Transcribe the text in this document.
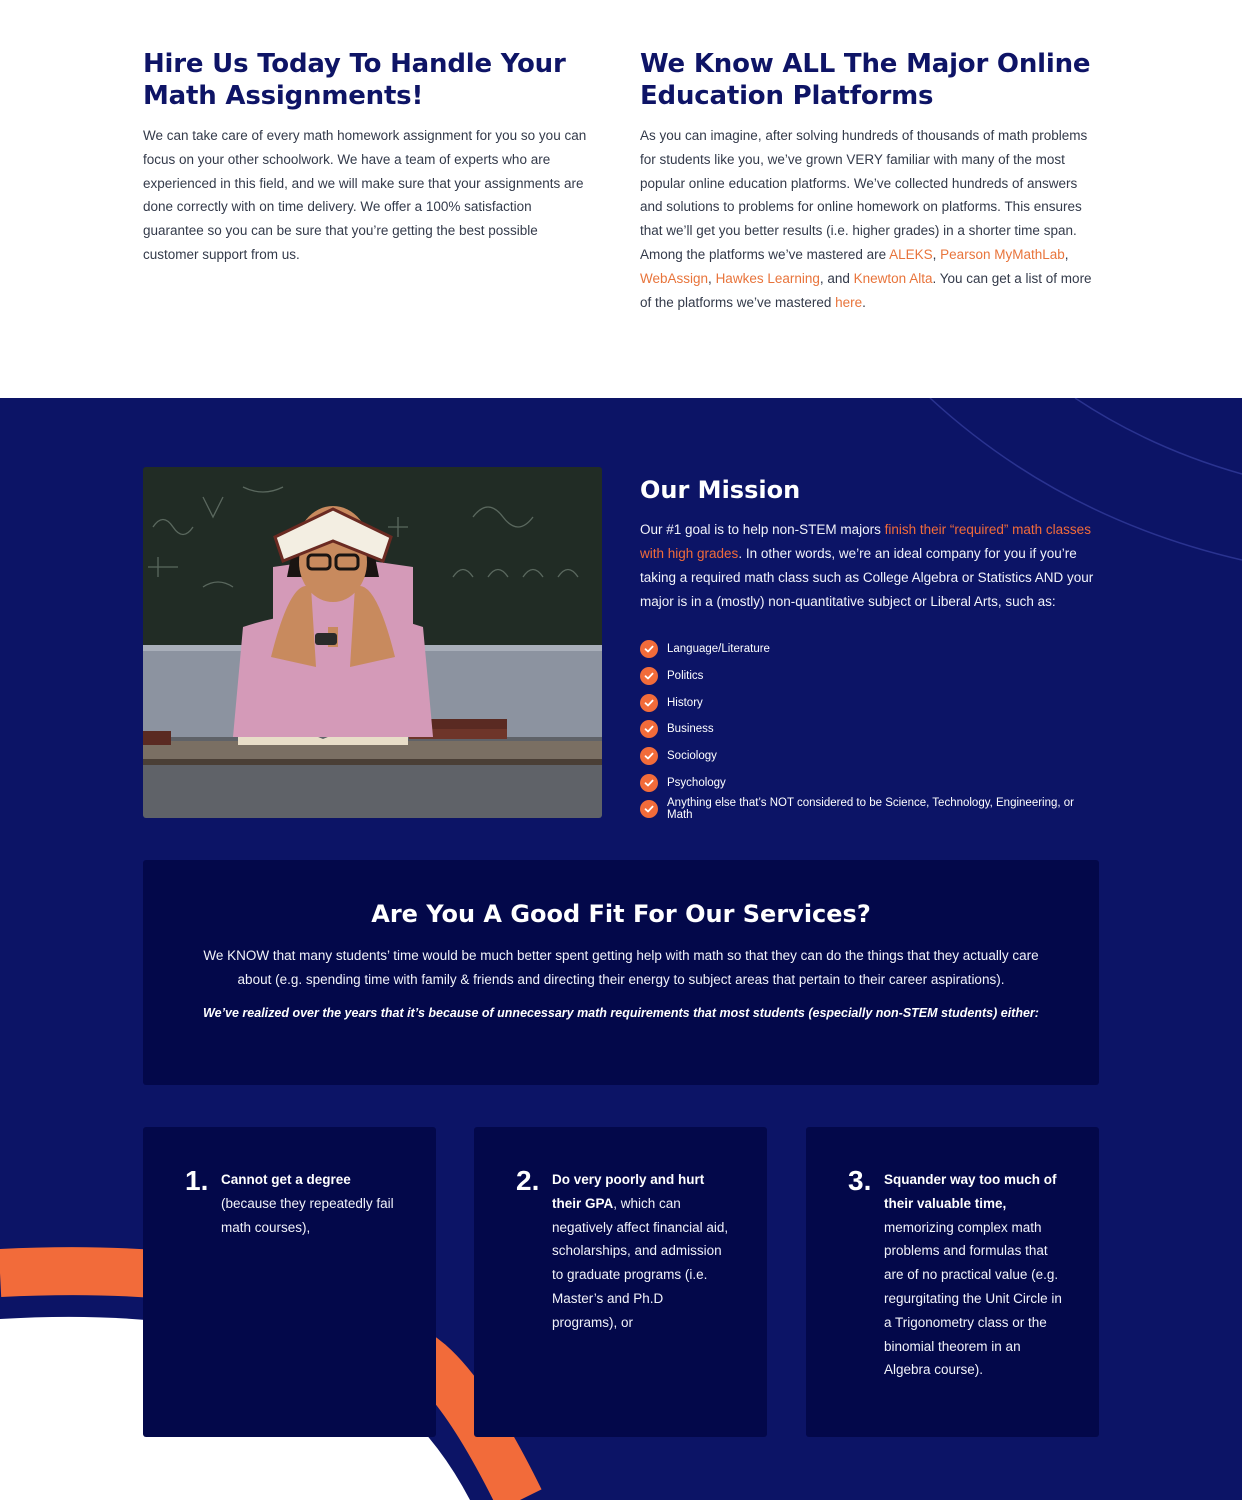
Hire Us Today To Handle Your Math Assignments!

We can take care of every math homework assignment for you so you can focus on your other schoolwork. We have a team of experts who are experienced in this field, and we will make sure that your assignments are done correctly with on time delivery. We offer a 100% satisfaction guarantee so you can be sure that you’re getting the best possible customer support from us.

We Know ALL The Major Online Education Platforms

As you can imagine, after solving hundreds of thousands of math problems for students like you, we’ve grown VERY familiar with many of the most popular online education platforms. We’ve collected hundreds of answers and solutions to problems for online homework on platforms. This ensures that we’ll get you better results (i.e. higher grades) in a shorter time span. Among the platforms we’ve mastered are ALEKS, Pearson MyMathLab, WebAssign, Hawkes Learning, and Knewton Alta. You can get a list of more of the platforms we’ve mastered here.

Our Mission

Our #1 goal is to help non-STEM majors finish their “required” math classes with high grades. In other words, we’re an ideal company for you if you’re taking a required math class such as College Algebra or Statistics AND your major is in a (mostly) non-quantitative subject or Liberal Arts, such as:

Language/Literature
Politics
History
Business
Sociology
Psychology
Anything else that’s NOT considered to be Science, Technology, Engineering, or Math
Are You A Good Fit For Our Services?

We KNOW that many students’ time would be much better spent getting help with math so that they can do the things that they actually care about (e.g. spending time with family & friends and directing their energy to subject areas that pertain to their career aspirations).

We’ve realized over the years that it’s because of unnecessary math requirements that most students (especially non-STEM students) either:

1. Cannot get a degree (because they repeatedly fail math courses),
2. Do very poorly and hurt their GPA, which can negatively affect financial aid, scholarships, and admission to graduate programs (i.e. Master’s and Ph.D programs), or
3. Squander way too much of their valuable time, memorizing complex math problems and formulas that are of no practical value (e.g. regurgitating the Unit Circle in a Trigonometry class or the binomial theorem in an Algebra course).
